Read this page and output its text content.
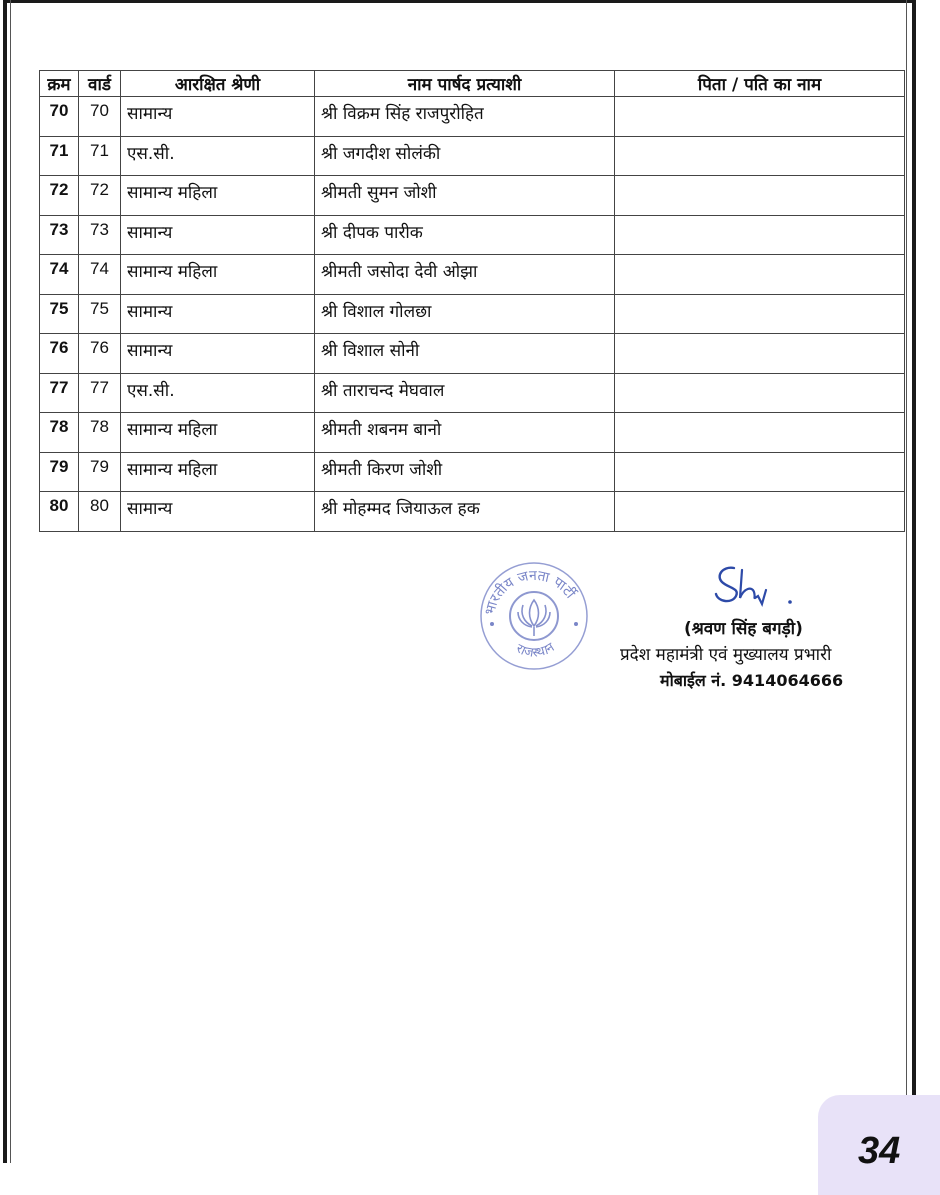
क्रम	वार्ड	आरक्षित श्रेणी	नाम पार्षद प्रत्याशी	पिता / पति का नाम
70	70	सामान्य	श्री विक्रम सिंह राजपुरोहित	
71	71	एस.सी.	श्री जगदीश सोलंकी	
72	72	सामान्य महिला	श्रीमती सुमन जोशी	
73	73	सामान्य	श्री दीपक पारीक	
74	74	सामान्य महिला	श्रीमती जसोदा देवी ओझा	
75	75	सामान्य	श्री विशाल गोलछा	
76	76	सामान्य	श्री विशाल सोनी	
77	77	एस.सी.	श्री ताराचन्द मेघवाल	
78	78	सामान्य महिला	श्रीमती शबनम बानो	
79	79	सामान्य महिला	श्रीमती किरण जोशी	
80	80	सामान्य	श्री मोहम्मद जियाऊल हक	
भारतीय जनता पार्टी
राजस्थान
(श्रवण सिंह बगड़ी)
प्रदेश महामंत्री एवं मुख्यालय प्रभारी
मोबाईल नं. 9414064666
34
